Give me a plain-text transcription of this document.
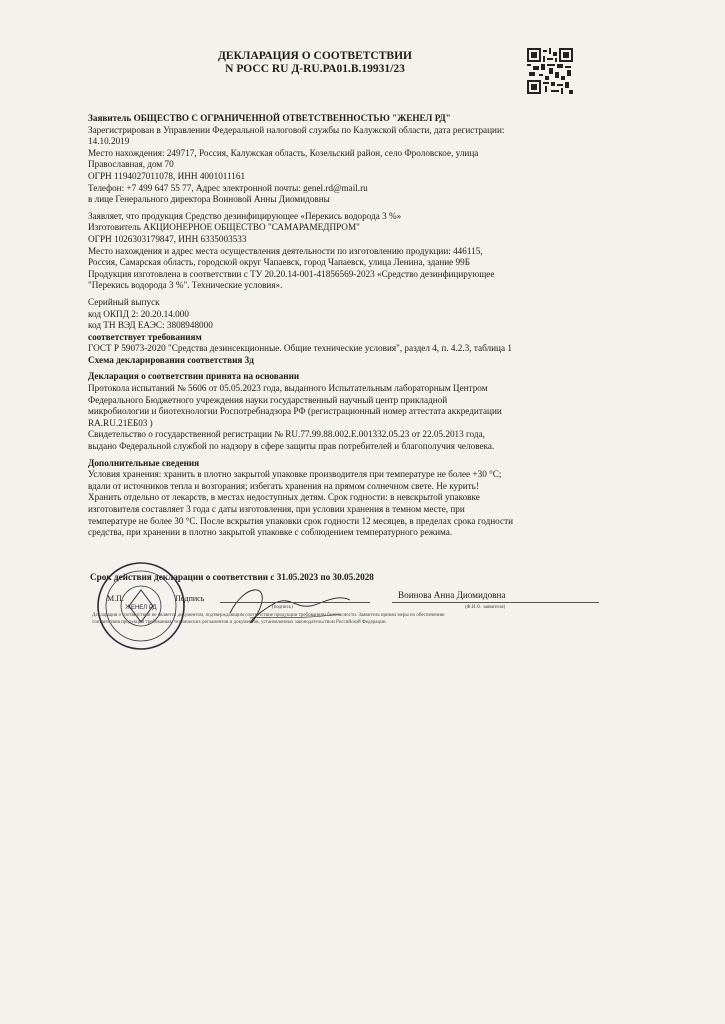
ДЕКЛАРАЦИЯ О СООТВЕТСТВИИ
N РОСС RU Д-RU.РА01.В.19931/23

Заявитель ОБЩЕСТВО С ОГРАНИЧЕННОЙ ОТВЕТСТВЕННОСТЬЮ "ЖЕНЕЛ РД"

Зарегистрирован в Управлении Федеральной налоговой службы по Калужской области, дата регистрации:

14.10.2019

Место нахождения: 249717, Россия, Калужская область, Козельский район, село Фроловское, улица

Православная, дом 70

ОГРН 1194027011078, ИНН 4001011161

Телефон: +7 499 647 55 77, Адрес электронной почты: genel.rd@mail.ru

в лице Генерального директора Воиновой Анны Диомидовны

Заявляет, что продукция Средство дезинфицирующее «Перекись водорода 3 %»

Изготовитель АКЦИОНЕРНОЕ ОБЩЕСТВО "САМАРАМЕДПРОМ"

ОГРН 1026303179847, ИНН 6335003533

Место нахождения и адрес места осуществления деятельности по изготовлению продукции: 446115,

Россия, Самарская область, городской округ Чапаевск, город Чапаевск, улица Ленина, здание 99Б

Продукция изготовлена в соответствии с ТУ 20.20.14-001-41856569-2023 «Средство дезинфицирующее

"Перекись водорода 3 %". Технические условия».

Серийный выпуск

код ОКПД 2: 20.20.14.000

код ТН ВЭД ЕАЭС: 3808948000

соответствует требованиям

ГОСТ Р 59073-2020 "Средства дезинсекционные. Общие технические условия", раздел 4, п. 4.2.3, таблица 1

Схема декларирования соответствия 3д

Декларация о соответствии принята на основании

Протокола испытаний № 5606 от 05.05.2023 года, выданного Испытательным лабораторным Центром

Федерального Бюджетного учреждения науки государственный научный центр прикладной

микробиологии и биотехнологии Роспотребнадзора РФ (регистрационный номер аттестата аккредитации

RA.RU.21ЕБ03 )

Свидетельство о государственной регистрации № RU.77.99.88.002.Е.001332.05.23 от 22.05.2013 года,

выдано Федеральной службой по надзору в сфере защиты прав потребителей и благополучия человека.

Дополнительные сведения

Условия хранения: хранить в плотно закрытой упаковке производителя при температуре не более +30 °С;

вдали от источников тепла и возгорания; избегать хранения на прямом солнечном свете. Не курить!

Хранить отдельно от лекарств, в местах недоступных детям. Срок годности: в невскрытой упаковке

изготовителя составляет 3 года с даты изготовления, при условии хранения в темном месте, при

температуре не более 30 °С. После вскрытия упаковки срок годности 12 месяцев, в пределах срока годности

средства, при хранении в плотно закрытой упаковке с соблюдением температурного режима.

Срок действия декларации о соответствии с 31.05.2023 по 30.05.2028
ЖЕНЕЛ РД
М.П.	Подпись
(подпись)
Воинова Анна Диомидовна
(Ф.И.О. заявителя)
Декларация о соответствии не является документом, подтверждающим соответствие продукции требованиям безопасности. Заявитель принял меры по обеспечению
соответствия продукции требованиям технических регламентов и документов, установленных законодательством Российской Федерации.
